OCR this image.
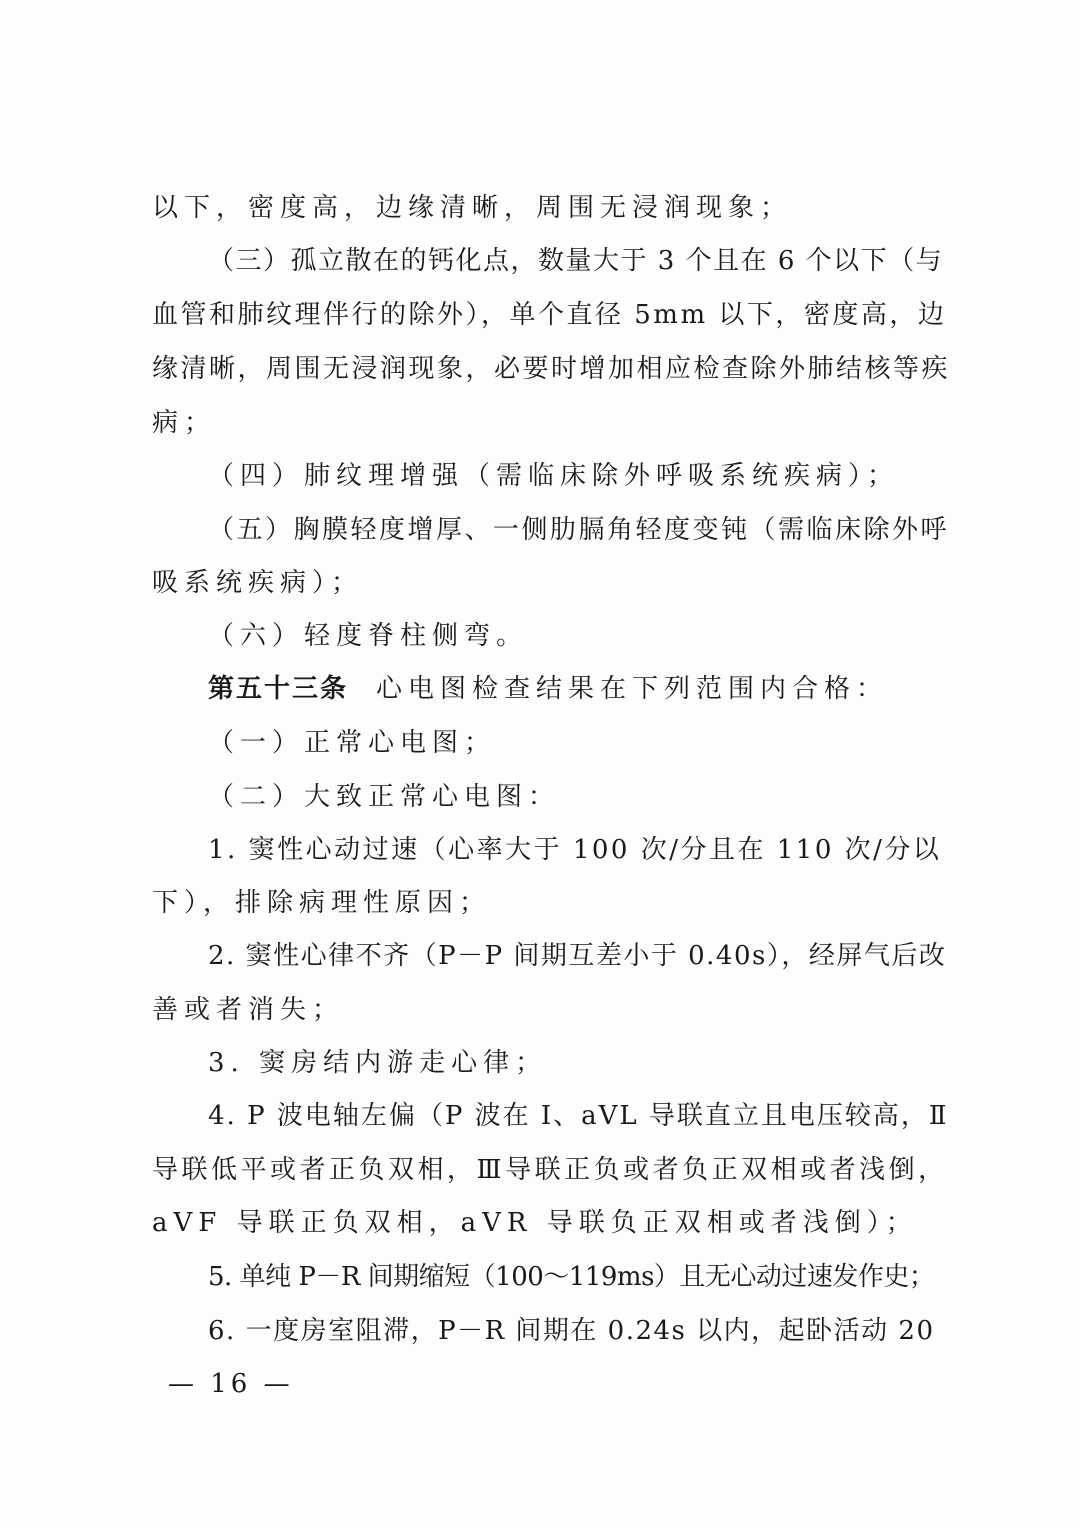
以下，密度高，边缘清晰，周围无浸润现象；
（三）孤立散在的钙化点，数量大于 3 个且在 6 个以下（与
血管和肺纹理伴行的除外），单个直径 5mm 以下，密度高，边
缘清晰，周围无浸润现象，必要时增加相应检查除外肺结核等疾
病；
（四）肺纹理增强（需临床除外呼吸系统疾病）；
（五）胸膜轻度增厚、一侧肋膈角轻度变钝（需临床除外呼
吸系统疾病）；
（六）轻度脊柱侧弯。
第五十三条 心电图检查结果在下列范围内合格：
（一）正常心电图；
（二）大致正常心电图：
1. 窦性心动过速（心率大于 100 次/分且在 110 次/分以
下），排除病理性原因；
2. 窦性心律不齐（P－P 间期互差小于 0.40s），经屏气后改
善或者消失；
3. 窦房结内游走心律；
4. P 波电轴左偏（P 波在 I、aVL 导联直立且电压较高，Ⅱ
导联低平或者正负双相，Ⅲ导联正负或者负正双相或者浅倒，
aVF 导联正负双相，aVR 导联负正双相或者浅倒）；
5. 单纯 P－R 间期缩短（100～119ms）且无心动过速发作史；
6. 一度房室阻滞，P－R 间期在 0.24s 以内，起卧活动 20
— 16 —
